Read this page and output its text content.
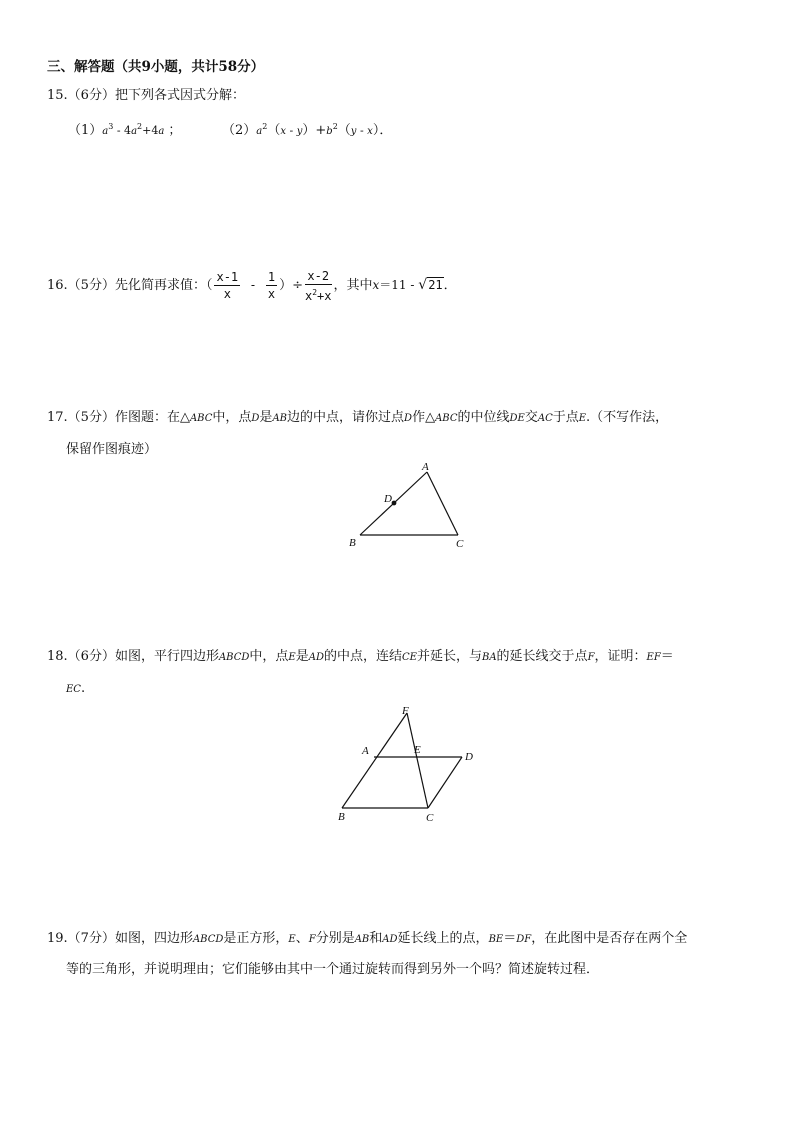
三、解答题（共9小题，共计58分）
15.（6分）把下列各式因式分解：
$(1)a^3 - 4a^2+4a$ ；	$(2)a^2(x - y)+b^2(y - x)$．
16.（5分）先化简再求值：（ $\frac{x-1}{x} - \frac{1}{x}$ ）÷ $\frac{x-2}{x^2+x}$ ，其中x＝11 - √21．
17.（5分）作图题：在△ABC中，点D是AB边的中点，请你过点D作△ABC的中位线DE交AC于点E.（不写作法，
保留作图痕迹）
A
B	C
D
18.（6分）如图，平行四边形ABCD中，点E是AD的中点，连结CE并延长，与BA的延长线交于点F，证明：EF＝
EC.
F
A	E
D
B	C
19.（7分）如图，四边形ABCD是正方形，E、F分别是AB和AD延长线上的点，BE＝DF，在此图中是否存在两个全
等的三角形，并说明理由；它们能够由其中一个通过旋转而得到另外一个吗？简述旋转过程．
